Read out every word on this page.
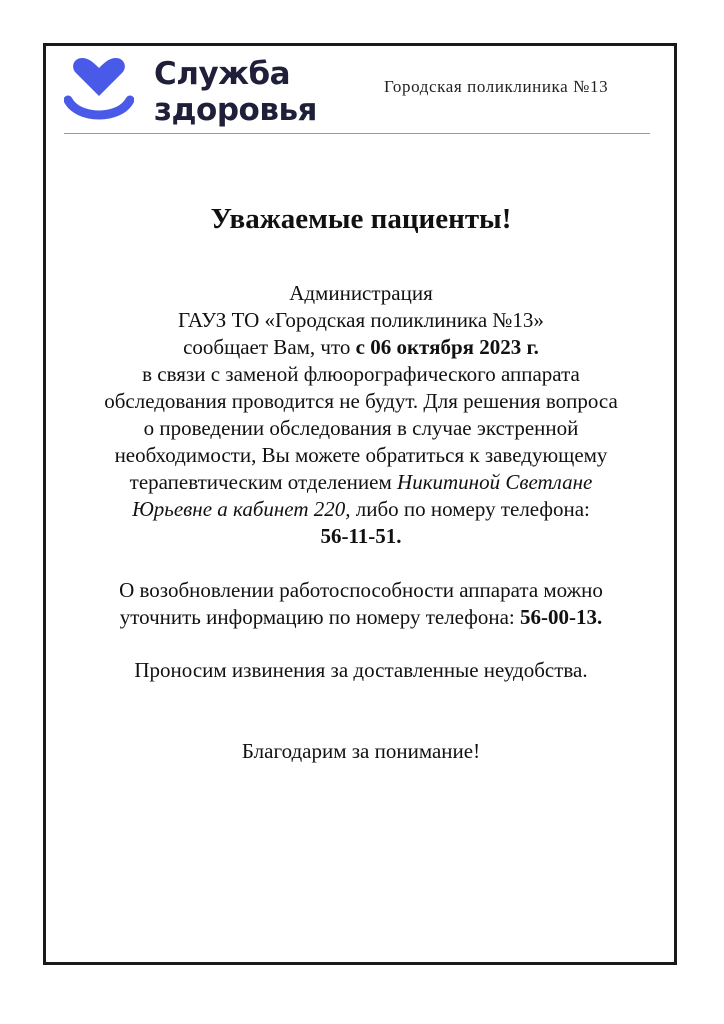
Служба
здоровья
Городская поликлиника №13
Уважаемые пациенты!

Администрация

ГАУЗ ТО «Городская поликлиника №13»

сообщает Вам, что с 06 октября 2023 г.

в связи с заменой флюорографического аппарата

обследования проводится не будут. Для решения вопроса

о проведении обследования в случае экстренной

необходимости, Вы можете обратиться к заведующему

терапевтическим отделением Никитиной Светлане

Юрьевне а кабинет 220, либо по номеру телефона:

56-11-51.

О возобновлении работоспособности аппарата можно

уточнить информацию по номеру телефона: 56-00-13.

Проносим извинения за доставленные неудобства.

Благодарим за понимание!
